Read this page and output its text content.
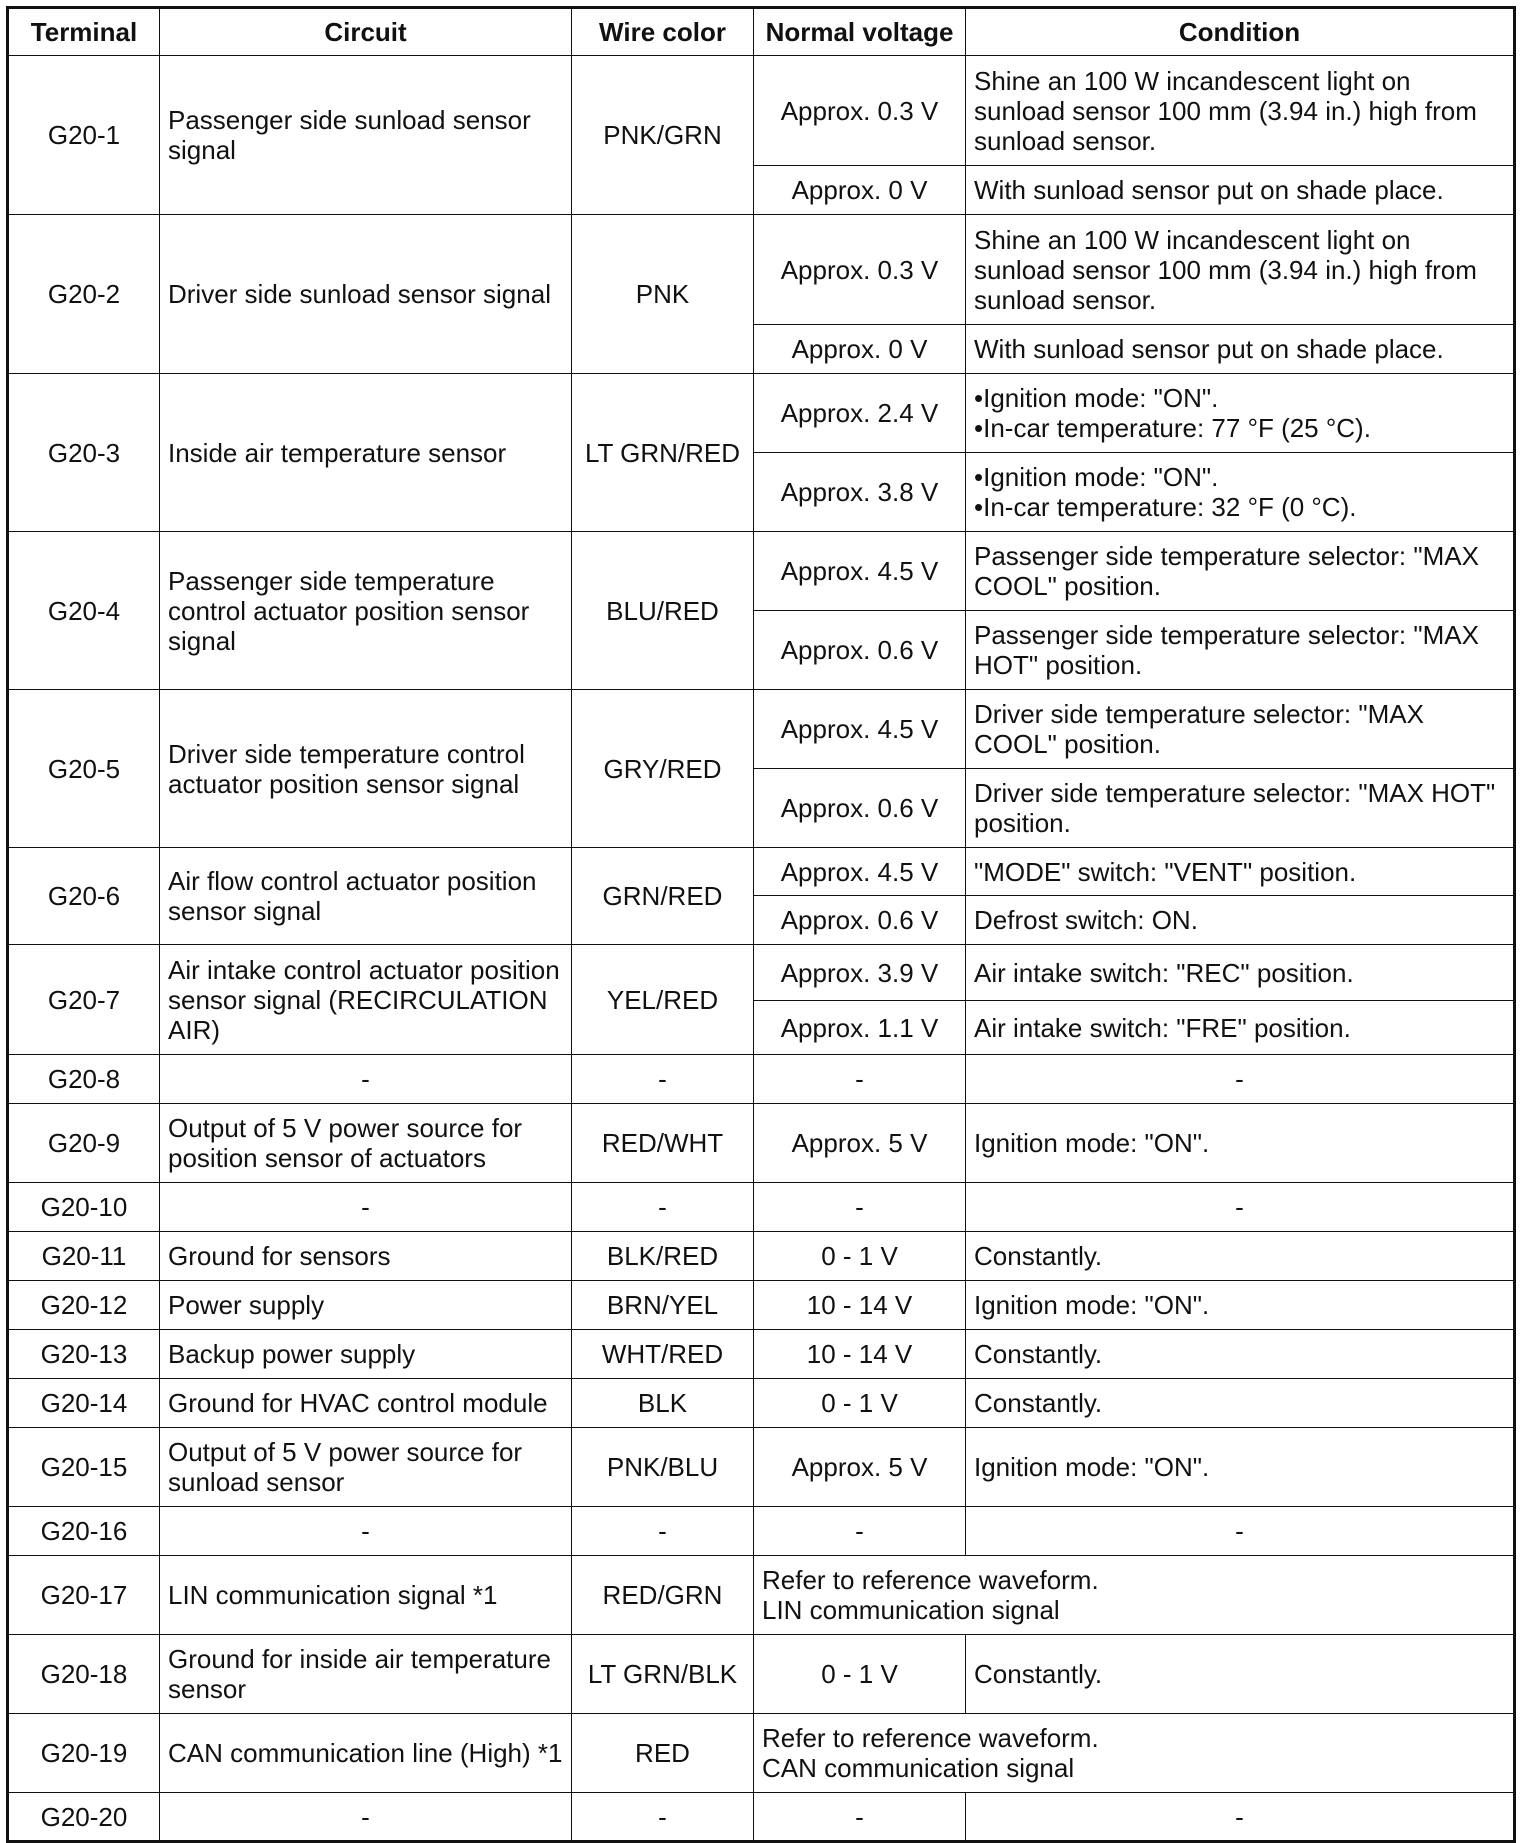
Terminal	Circuit	Wire color	Normal voltage	Condition
G20-1	Passenger side sunload sensor signal	PNK/GRN	Approx. 0.3 V	Shine an 100 W incandescent light on sunload sensor 100 mm (3.94 in.) high from sunload sensor.
			Approx. 0 V	With sunload sensor put on shade place.
G20-2	Driver side sunload sensor signal	PNK	Approx. 0.3 V	Shine an 100 W incandescent light on sunload sensor 100 mm (3.94 in.) high from sunload sensor.
			Approx. 0 V	With sunload sensor put on shade place.
G20-3	Inside air temperature sensor	LT GRN/RED	Approx. 2.4 V	• Ignition mode: "ON".
• In-car temperature: 77 °F (25 °C).

			Approx. 3.8 V	• Ignition mode: "ON".
• In-car temperature: 32 °F (0 °C).

G20-4	Passenger side temperature control actuator position sensor signal	BLU/RED	Approx. 4.5 V	Passenger side temperature selector: "MAX COOL" position.
			Approx. 0.6 V	Passenger side temperature selector: "MAX HOT" position.
G20-5	Driver side temperature control actuator position sensor signal	GRY/RED	Approx. 4.5 V	Driver side temperature selector: "MAX COOL" position.
			Approx. 0.6 V	Driver side temperature selector: "MAX HOT" position.
G20-6	Air flow control actuator position sensor signal	GRN/RED	Approx. 4.5 V	"MODE" switch: "VENT" position.
			Approx. 0.6 V	Defrost switch: ON.
G20-7	Air intake control actuator position sensor signal (RECIRCULATION AIR)	YEL/RED	Approx. 3.9 V	Air intake switch: "REC" position.
			Approx. 1.1 V	Air intake switch: "FRE" position.
G20-8	-	-	-	-
G20-9	Output of 5 V power source for position sensor of actuators	RED/WHT	Approx. 5 V	Ignition mode: "ON".
G20-10	-	-	-	-
G20-11	Ground for sensors	BLK/RED	0 - 1 V	Constantly.
G20-12	Power supply	BRN/YEL	10 - 14 V	Ignition mode: "ON".
G20-13	Backup power supply	WHT/RED	10 - 14 V	Constantly.
G20-14	Ground for HVAC control module	BLK	0 - 1 V	Constantly.
G20-15	Output of 5 V power source for sunload sensor	PNK/BLU	Approx. 5 V	Ignition mode: "ON".
G20-16	-	-	-	-
G20-17	LIN communication signal *1	RED/GRN	Refer to reference waveform.
LIN communication signal	

G20-18	Ground for inside air temperature sensor	LT GRN/BLK	0 - 1 V	Constantly.
G20-19	CAN communication line (High) *1	RED	Refer to reference waveform.
CAN communication signal	

G20-20	-	-	-	-
